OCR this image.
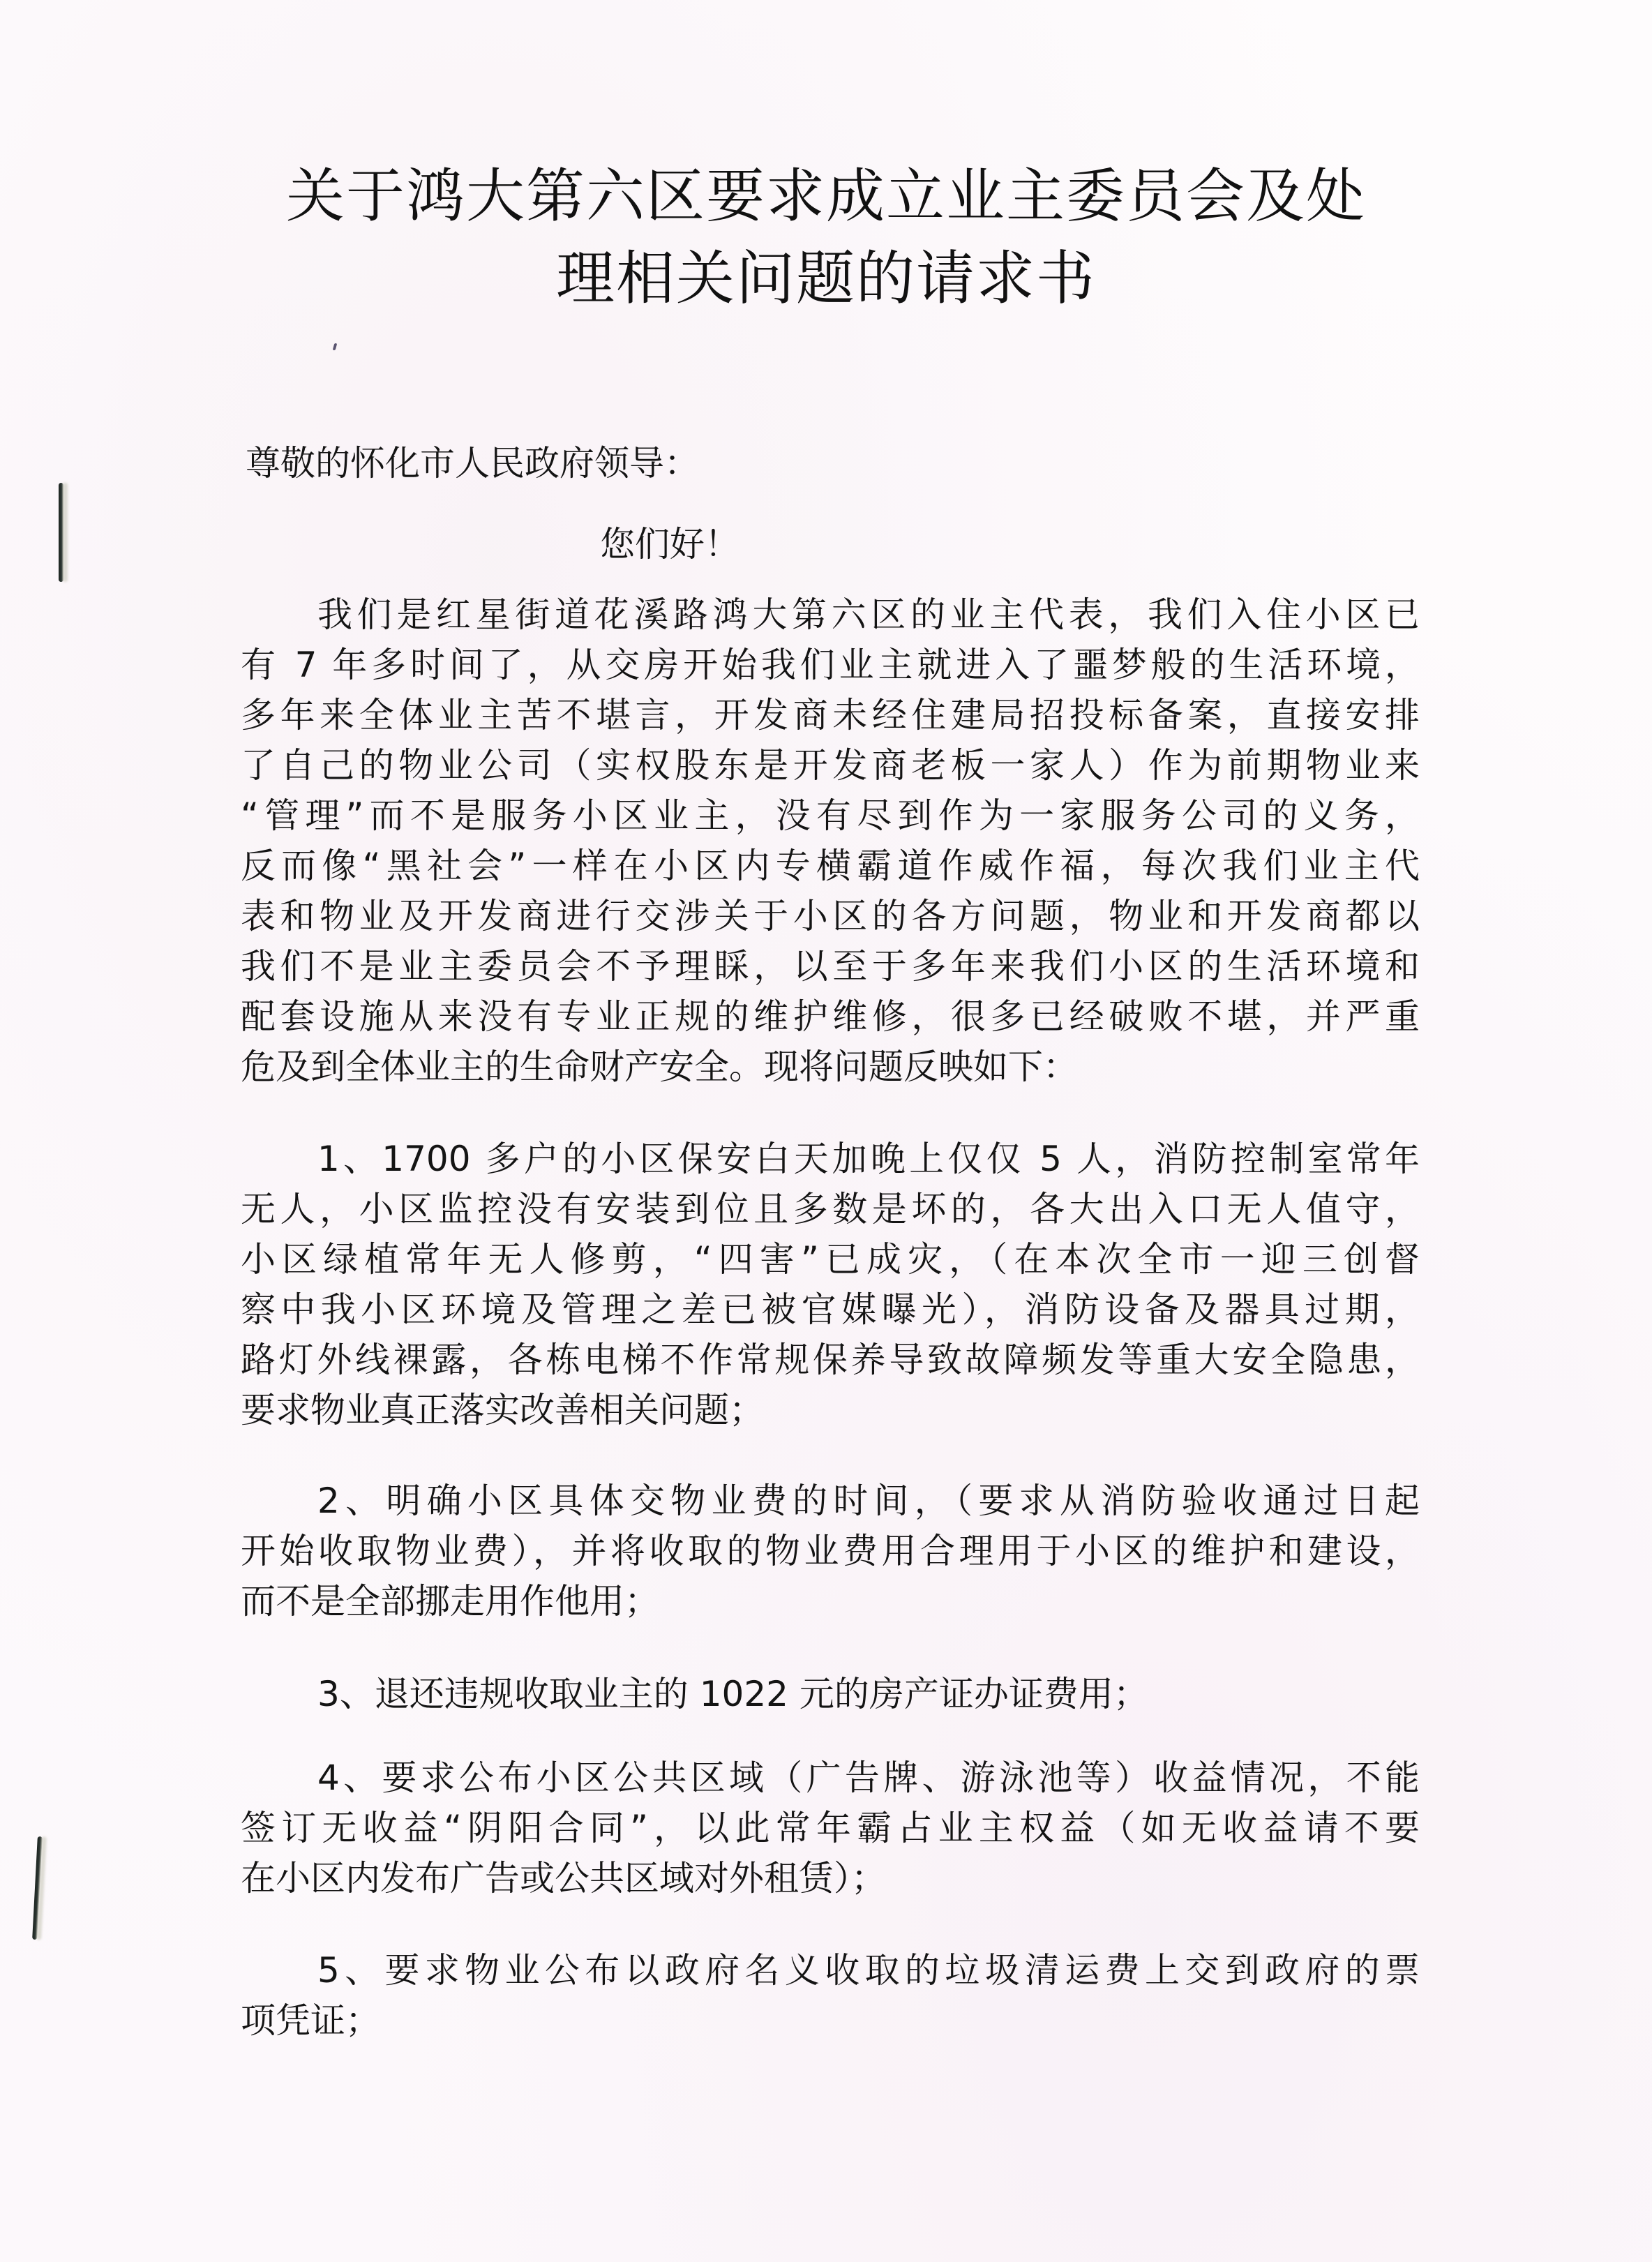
关于鸿大第六区要求成立业主委员会及处
理相关问题的请求书
尊敬的怀化市人民政府领导：
您们好！
我们是红星街道花溪路鸿大第六区的业主代表，我们入住小区已
有 7 年多时间了，从交房开始我们业主就进入了噩梦般的生活环境，
多年来全体业主苦不堪言，开发商未经住建局招投标备案，直接安排
了自己的物业公司（实权股东是开发商老板一家人）作为前期物业来
“管理”而不是服务小区业主，没有尽到作为一家服务公司的义务，
反而像“黑社会”一样在小区内专横霸道作威作福，每次我们业主代
表和物业及开发商进行交涉关于小区的各方问题，物业和开发商都以
我们不是业主委员会不予理睬，以至于多年来我们小区的生活环境和
配套设施从来没有专业正规的维护维修，很多已经破败不堪，并严重
危及到全体业主的生命财产安全。现将问题反映如下：
1、1700 多户的小区保安白天加晚上仅仅 5 人，消防控制室常年
无人，小区监控没有安装到位且多数是坏的，各大出入口无人值守，
小区绿植常年无人修剪，“四害”已成灾，（在本次全市一迎三创督
察中我小区环境及管理之差已被官媒曝光），消防设备及器具过期，
路灯外线裸露，各栋电梯不作常规保养导致故障频发等重大安全隐患，
要求物业真正落实改善相关问题；
2、明确小区具体交物业费的时间，（要求从消防验收通过日起
开始收取物业费），并将收取的物业费用合理用于小区的维护和建设，
而不是全部挪走用作他用；
3、退还违规收取业主的 1022 元的房产证办证费用；
4、要求公布小区公共区域（广告牌、游泳池等）收益情况，不能
签订无收益“阴阳合同”，以此常年霸占业主权益（如无收益请不要
在小区内发布广告或公共区域对外租赁）；
5、要求物业公布以政府名义收取的垃圾清运费上交到政府的票
项凭证；
